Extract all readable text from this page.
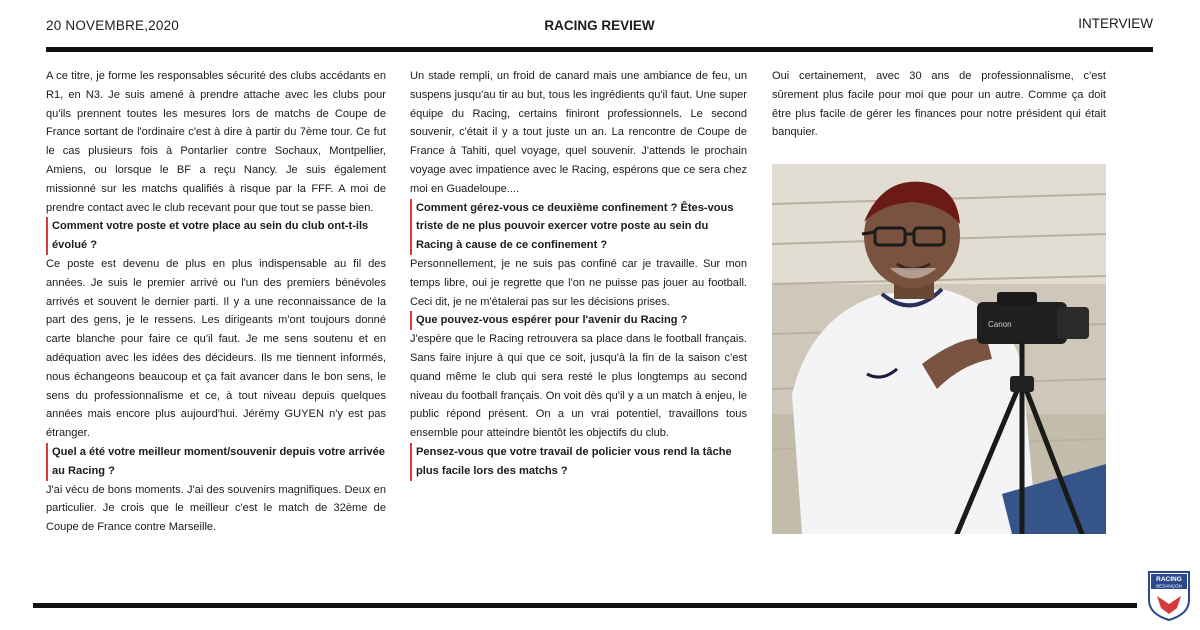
20 NOVEMBRE,2020	RACING REVIEW	INTERVIEW

A ce titre, je forme les responsables sécurité des clubs accédants en R1, en N3. Je suis amené à prendre attache avec les clubs pour qu'ils prennent toutes les mesures lors de matchs de Coupe de France sortant de l'ordinaire c'est à dire à partir du 7ème tour. Ce fut le cas plusieurs fois à Pontarlier contre Sochaux, Montpellier, Amiens, ou lorsque le BF a reçu Nancy. Je suis également missionné sur les matchs qualifiés à risque par la FFF. A moi de prendre contact avec le club recevant pour que tout se passe bien.

Comment votre poste et votre place au sein du club ont-t-ils évolué ?

Ce poste est devenu de plus en plus indispensable au fil des années. Je suis le premier arrivé ou l'un des premiers bénévoles arrivés et souvent le dernier parti. Il y a une reconnaissance de la part des gens, je le ressens. Les dirigeants m'ont toujours donné carte blanche pour faire ce qu'il faut. Je me sens soutenu et en adéquation avec les idées des décideurs. Ils me tiennent informés, nous échangeons beaucoup et ça fait avancer dans le bon sens, le sens du professionnalisme et ce, à tout niveau depuis quelques années mais encore plus aujourd'hui. Jérémy GUYEN n'y est pas étranger.

Quel a été votre meilleur moment/souvenir depuis votre arrivée au Racing ?

J'ai vécu de bons moments. J'ai des souvenirs magnifiques. Deux en particulier. Je crois que le meilleur c'est le match de 32ème de Coupe de France contre Marseille.

Un stade rempli, un froid de canard mais une ambiance de feu, un suspens jusqu'au tir au but, tous les ingrédients qu'il faut. Une super équipe du Racing, certains finiront professionnels. Le second souvenir, c'était il y a tout juste un an. La rencontre de Coupe de France à Tahiti, quel voyage, quel souvenir. J'attends le prochain voyage avec impatience avec le Racing, espérons que ce sera chez moi en Guadeloupe....

Comment gérez-vous ce deuxième confinement ? Êtes-vous triste de ne plus pouvoir exercer votre poste au sein du Racing à cause de ce confinement ?

Personnellement, je ne suis pas confiné car je travaille. Sur mon temps libre, oui je regrette que l'on ne puisse pas jouer au football. Ceci dit, je ne m'étalerai pas sur les décisions prises.

Que pouvez-vous espérer pour l'avenir du Racing ?

J'espère que le Racing retrouvera sa place dans le football français. Sans faire injure à qui que ce soit, jusqu'à la fin de la saison c'est quand même le club qui sera resté le plus longtemps au second niveau du football français. On voit dès qu'il y a un match à enjeu, le public répond présent. On a un vrai potentiel, travaillons tous ensemble pour atteindre bientôt les objectifs du club.

Pensez-vous que votre travail de policier vous rend la tâche plus facile lors des matchs ?

Oui certainement, avec 30 ans de professionnalisme, c'est sûrement plus facile pour moi que pour un autre. Comme ça doit être plus facile de gérer les finances pour notre président qui était banquier.

Canon
RACING
BESANÇON
